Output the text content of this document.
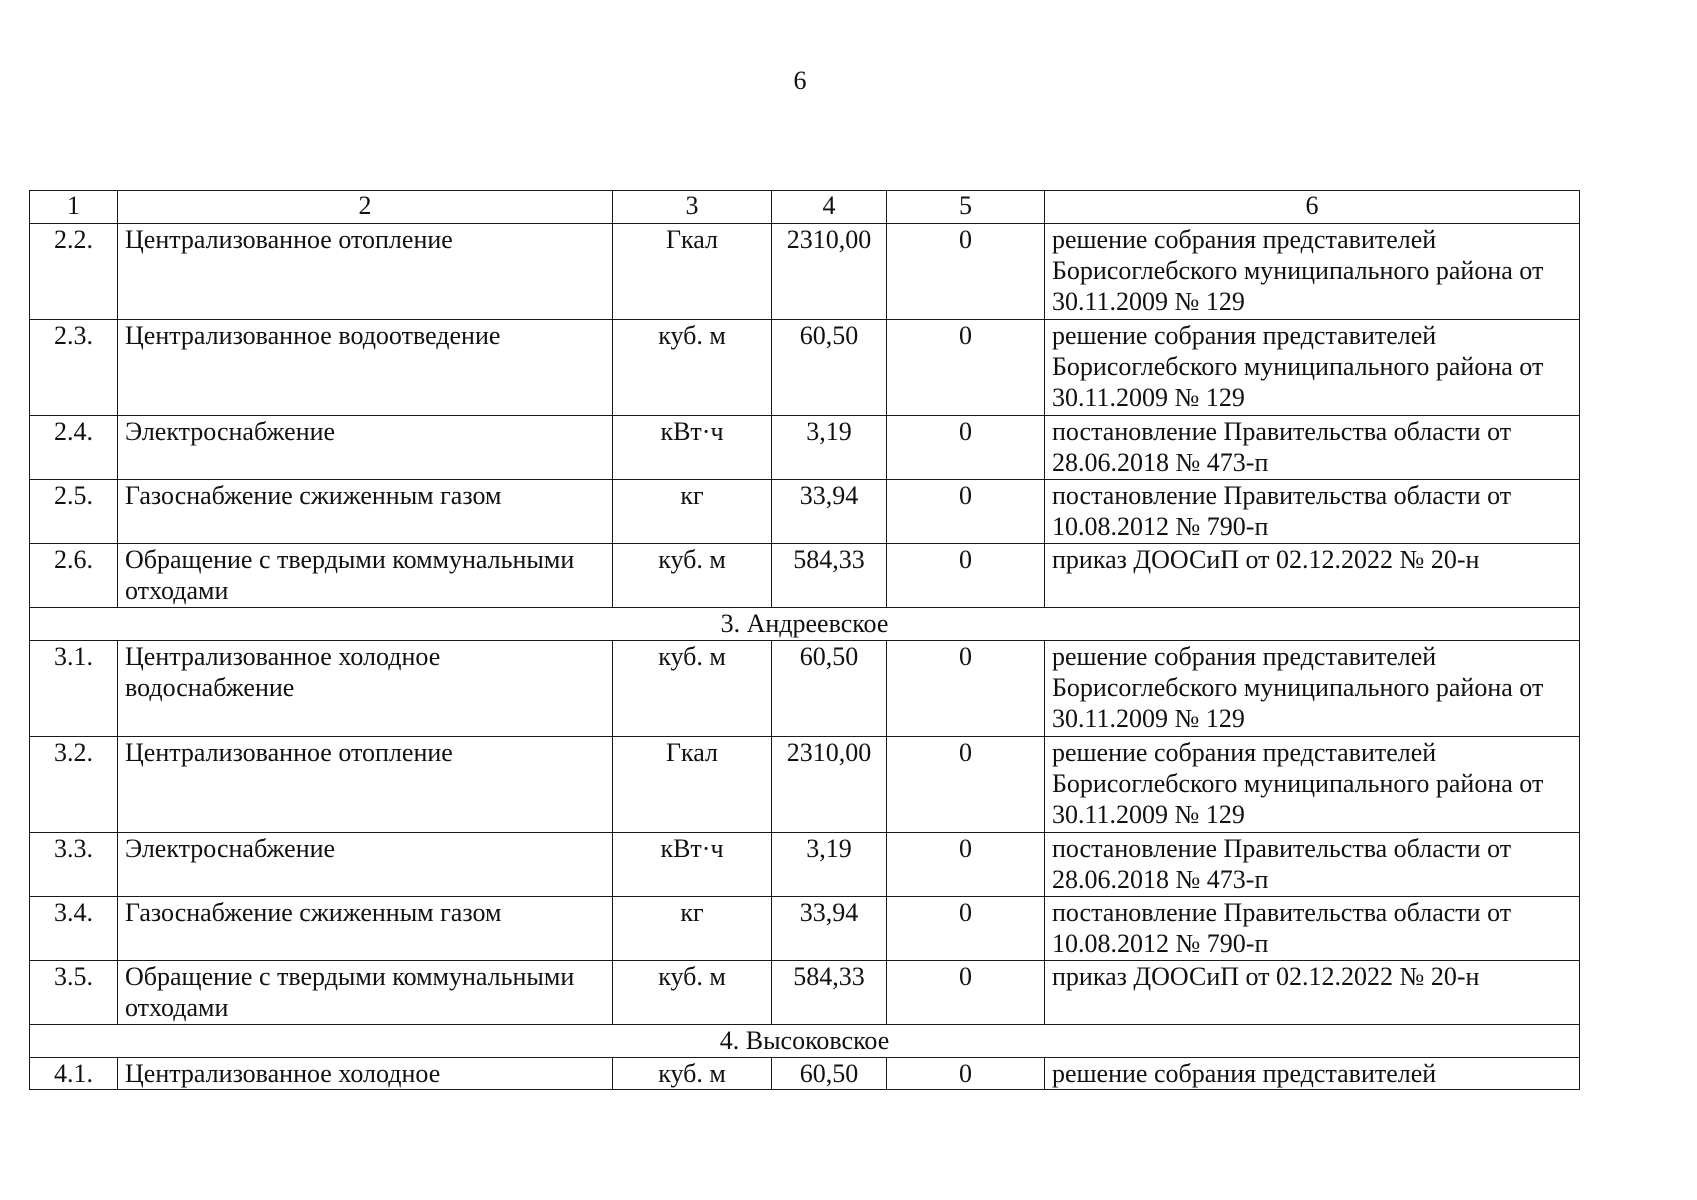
6
1	2	3	4	5	6
2.2.	Централизованное отопление	Гкал	2310,00	0	решение собрания представителей Борисоглебского муниципального района от 30.11.2009 № 129
2.3.	Централизованное водоотведение	куб. м	60,50	0	решение собрания представителей Борисоглебского муниципального района от 30.11.2009 № 129
2.4.	Электроснабжение	кВт·ч	3,19	0	постановление Правительства области от 28.06.2018 № 473-п
2.5.	Газоснабжение сжиженным газом	кг	33,94	0	постановление Правительства области от 10.08.2012 № 790-п
2.6.	Обращение с твердыми коммунальными отходами	куб. м	584,33	0	приказ ДООСиП от 02.12.2022 № 20-н
3. Андреевское					
3.1.	Централизованное холодное водоснабжение	куб. м	60,50	0	решение собрания представителей Борисоглебского муниципального района от 30.11.2009 № 129
3.2.	Централизованное отопление	Гкал	2310,00	0	решение собрания представителей Борисоглебского муниципального района от 30.11.2009 № 129
3.3.	Электроснабжение	кВт·ч	3,19	0	постановление Правительства области от 28.06.2018 № 473-п
3.4.	Газоснабжение сжиженным газом	кг	33,94	0	постановление Правительства области от 10.08.2012 № 790-п
3.5.	Обращение с твердыми коммунальными отходами	куб. м	584,33	0	приказ ДООСиП от 02.12.2022 № 20-н
4. Высоковское					
4.1.	Централизованное холодное	куб. м	60,50	0	решение собрания представителей
